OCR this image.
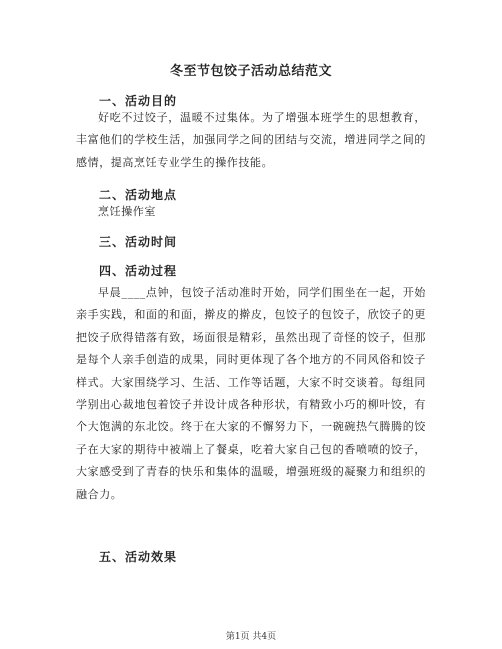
冬至节包饺子活动总结范文
一、活动目的
好吃不过饺子，温暖不过集体。为了增强本班学生的思想教育，丰富他们的学校生活，加强同学之间的团结与交流，增进同学之间的感情，提高烹饪专业学生的操作技能。
二、活动地点
烹饪操作室
三、活动时间
四、活动过程
早晨____点钟，包饺子活动准时开始，同学们围坐在一起，开始亲手实践，和面的和面，擀皮的擀皮，包饺子的包饺子，欣饺子的更把饺子欣得错落有致，场面很是精彩，虽然出现了奇怪的饺子，但那是每个人亲手创造的成果，同时更体现了各个地方的不同风俗和饺子样式。大家围绕学习、生活、工作等话题，大家不时交谈着。每组同学别出心裁地包着饺子并设计成各种形状，有精致小巧的柳叶饺，有个大饱满的东北饺。终于在大家的不懈努力下，一碗碗热气腾腾的饺子在大家的期待中被端上了餐桌，吃着大家自己包的香喷喷的饺子，大家感受到了青春的快乐和集体的温暖，增强班级的凝聚力和组织的融合力。
五、活动效果
第1页 共4页
